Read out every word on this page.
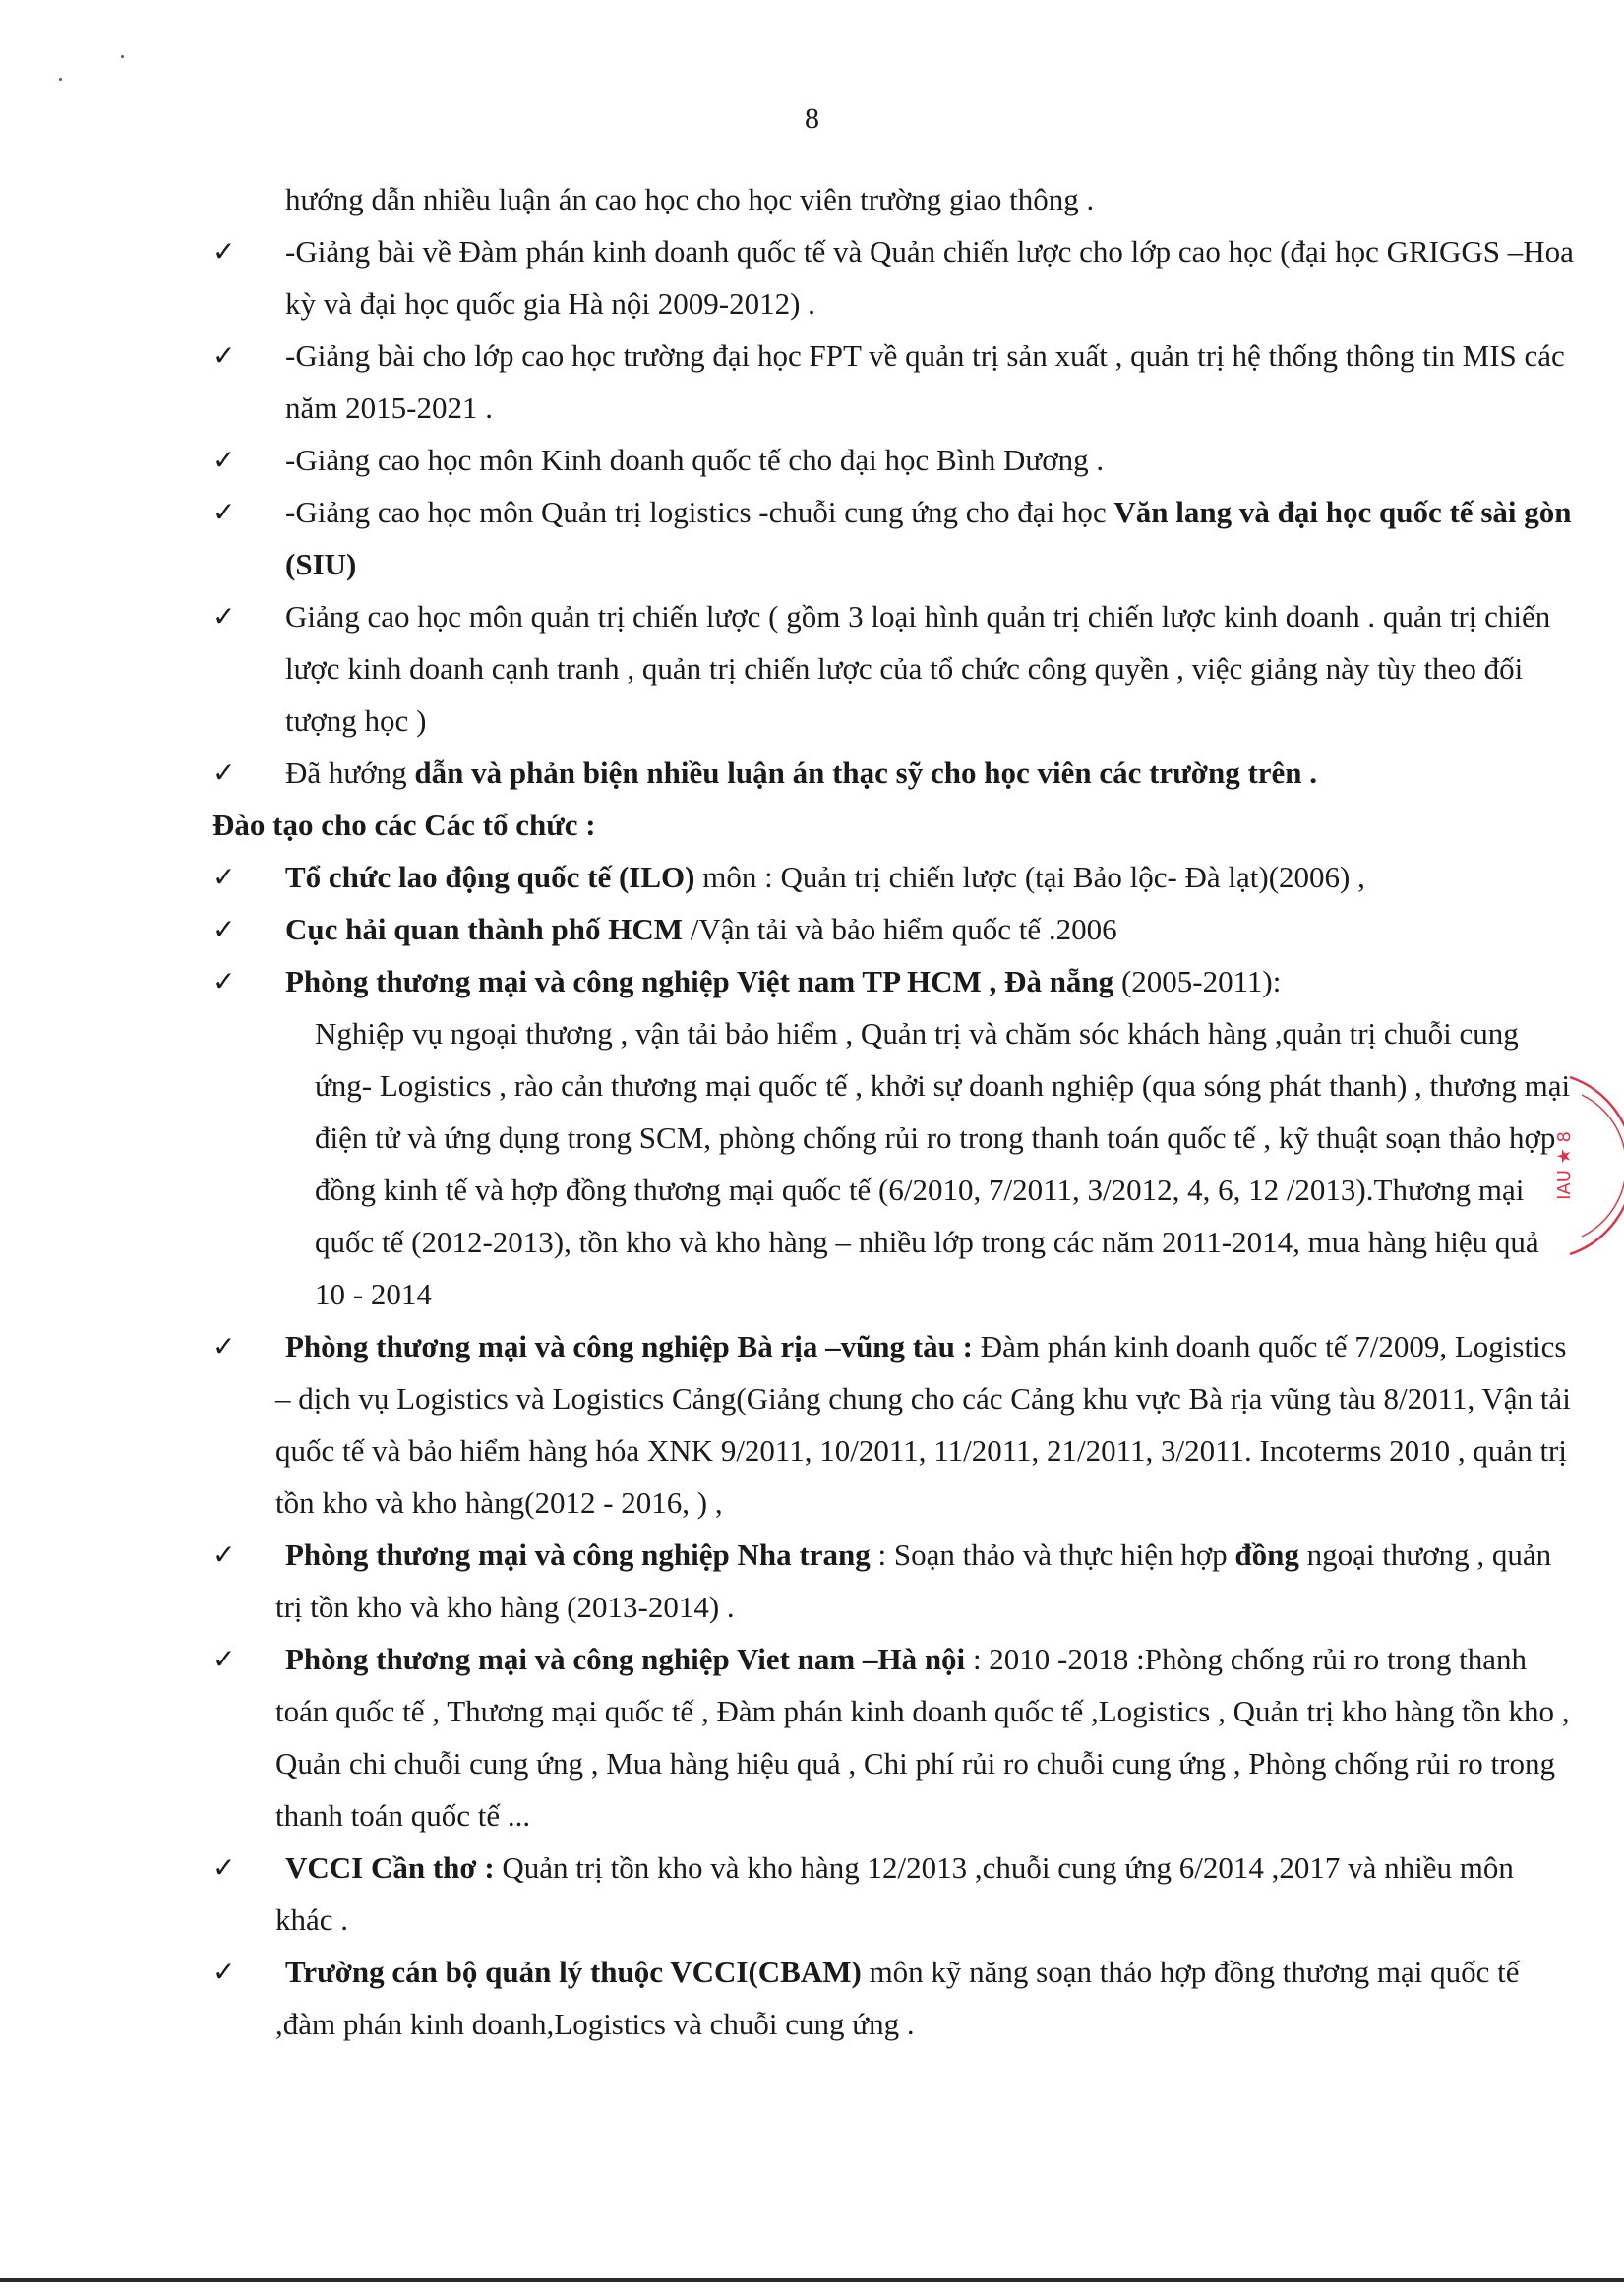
8

hướng dẫn nhiều luận án cao học cho học viên trường giao thông .

✓ -Giảng bài về Đàm phán kinh doanh quốc tế và Quản chiến lược cho lớp cao học (đại học GRIGGS –Hoa kỳ và đại học quốc gia Hà nội 2009-2012) .

✓ -Giảng bài cho lớp cao học trường đại học FPT về quản trị sản xuất , quản trị hệ thống thông tin MIS các năm 2015-2021 .

✓ -Giảng cao học môn Kinh doanh quốc tế cho đại học Bình Dương .

✓ -Giảng cao học môn Quản trị logistics -chuỗi cung ứng cho đại học Văn lang và đại học quốc tế sài gòn (SIU)

✓ Giảng cao học môn quản trị chiến lược ( gồm 3 loại hình quản trị chiến lược kinh doanh . quản trị chiến lược kinh doanh cạnh tranh , quản trị chiến lược của tổ chức công quyền , việc giảng này tùy theo đối tượng học )

✓ Đã hướng dẫn và phản biện nhiều luận án thạc sỹ cho học viên các trường trên .

Đào tạo cho các Các tổ chức :

✓ Tổ chức lao động quốc tế (ILO) môn : Quản trị chiến lược (tại Bảo lộc- Đà lạt)(2006) ,

✓ Cục hải quan thành phố HCM /Vận tải và bảo hiểm quốc tế .2006

✓	Phòng thương mại và công nghiệp Việt nam TP HCM , Đà nẵng (2005-2011):
Nghiệp vụ ngoại thương , vận tải bảo hiểm , Quản trị và chăm sóc khách hàng ,quản trị chuỗi cung ứng- Logistics , rào cản thương mại quốc tế , khởi sự doanh nghiệp (qua sóng phát thanh) , thương mại điện tử và ứng dụng trong SCM, phòng chống rủi ro trong thanh toán quốc tế , kỹ thuật soạn thảo hợp đồng kinh tế và hợp đồng thương mại quốc tế (6/2010, 7/2011, 3/2012, 4, 6, 12 /2013).Thương mại quốc tế (2012-2013), tồn kho và kho hàng – nhiều lớp trong các năm 2011-2014, mua hàng hiệu quả 10 - 2014

✓ Phòng thương mại và công nghiệp Bà rịa –vũng tàu : Đàm phán kinh doanh quốc tế 7/2009, Logistics – dịch vụ Logistics và Logistics Cảng(Giảng chung cho các Cảng khu vực Bà rịa vũng tàu 8/2011, Vận tải quốc tế và bảo hiểm hàng hóa XNK 9/2011, 10/2011, 11/2011, 21/2011, 3/2011. Incoterms 2010 , quản trị tồn kho và kho hàng(2012 - 2016, ) ,

✓ Phòng thương mại và công nghiệp Nha trang : Soạn thảo và thực hiện hợp đồng ngoại thương , quản trị tồn kho và kho hàng (2013-2014) .

✓ Phòng thương mại và công nghiệp Viet nam –Hà nội : 2010 -2018 :Phòng chống rủi ro trong thanh toán quốc tế , Thương mại quốc tế , Đàm phán kinh doanh quốc tế ,Logistics , Quản trị kho hàng tồn kho , Quản chi chuỗi cung ứng , Mua hàng hiệu quả , Chi phí rủi ro chuỗi cung ứng , Phòng chống rủi ro trong thanh toán quốc tế ...

✓ VCCI Cần thơ : Quản trị tồn kho và kho hàng 12/2013 ,chuỗi cung ứng 6/2014 ,2017 và nhiều môn khác .

✓ Trường cán bộ quản lý thuộc VCCI(CBAM) môn kỹ năng soạn thảo hợp đồng thương mại quốc tế ,đàm phán kinh doanh,Logistics và chuỗi cung ứng .

IAU ★ 8
